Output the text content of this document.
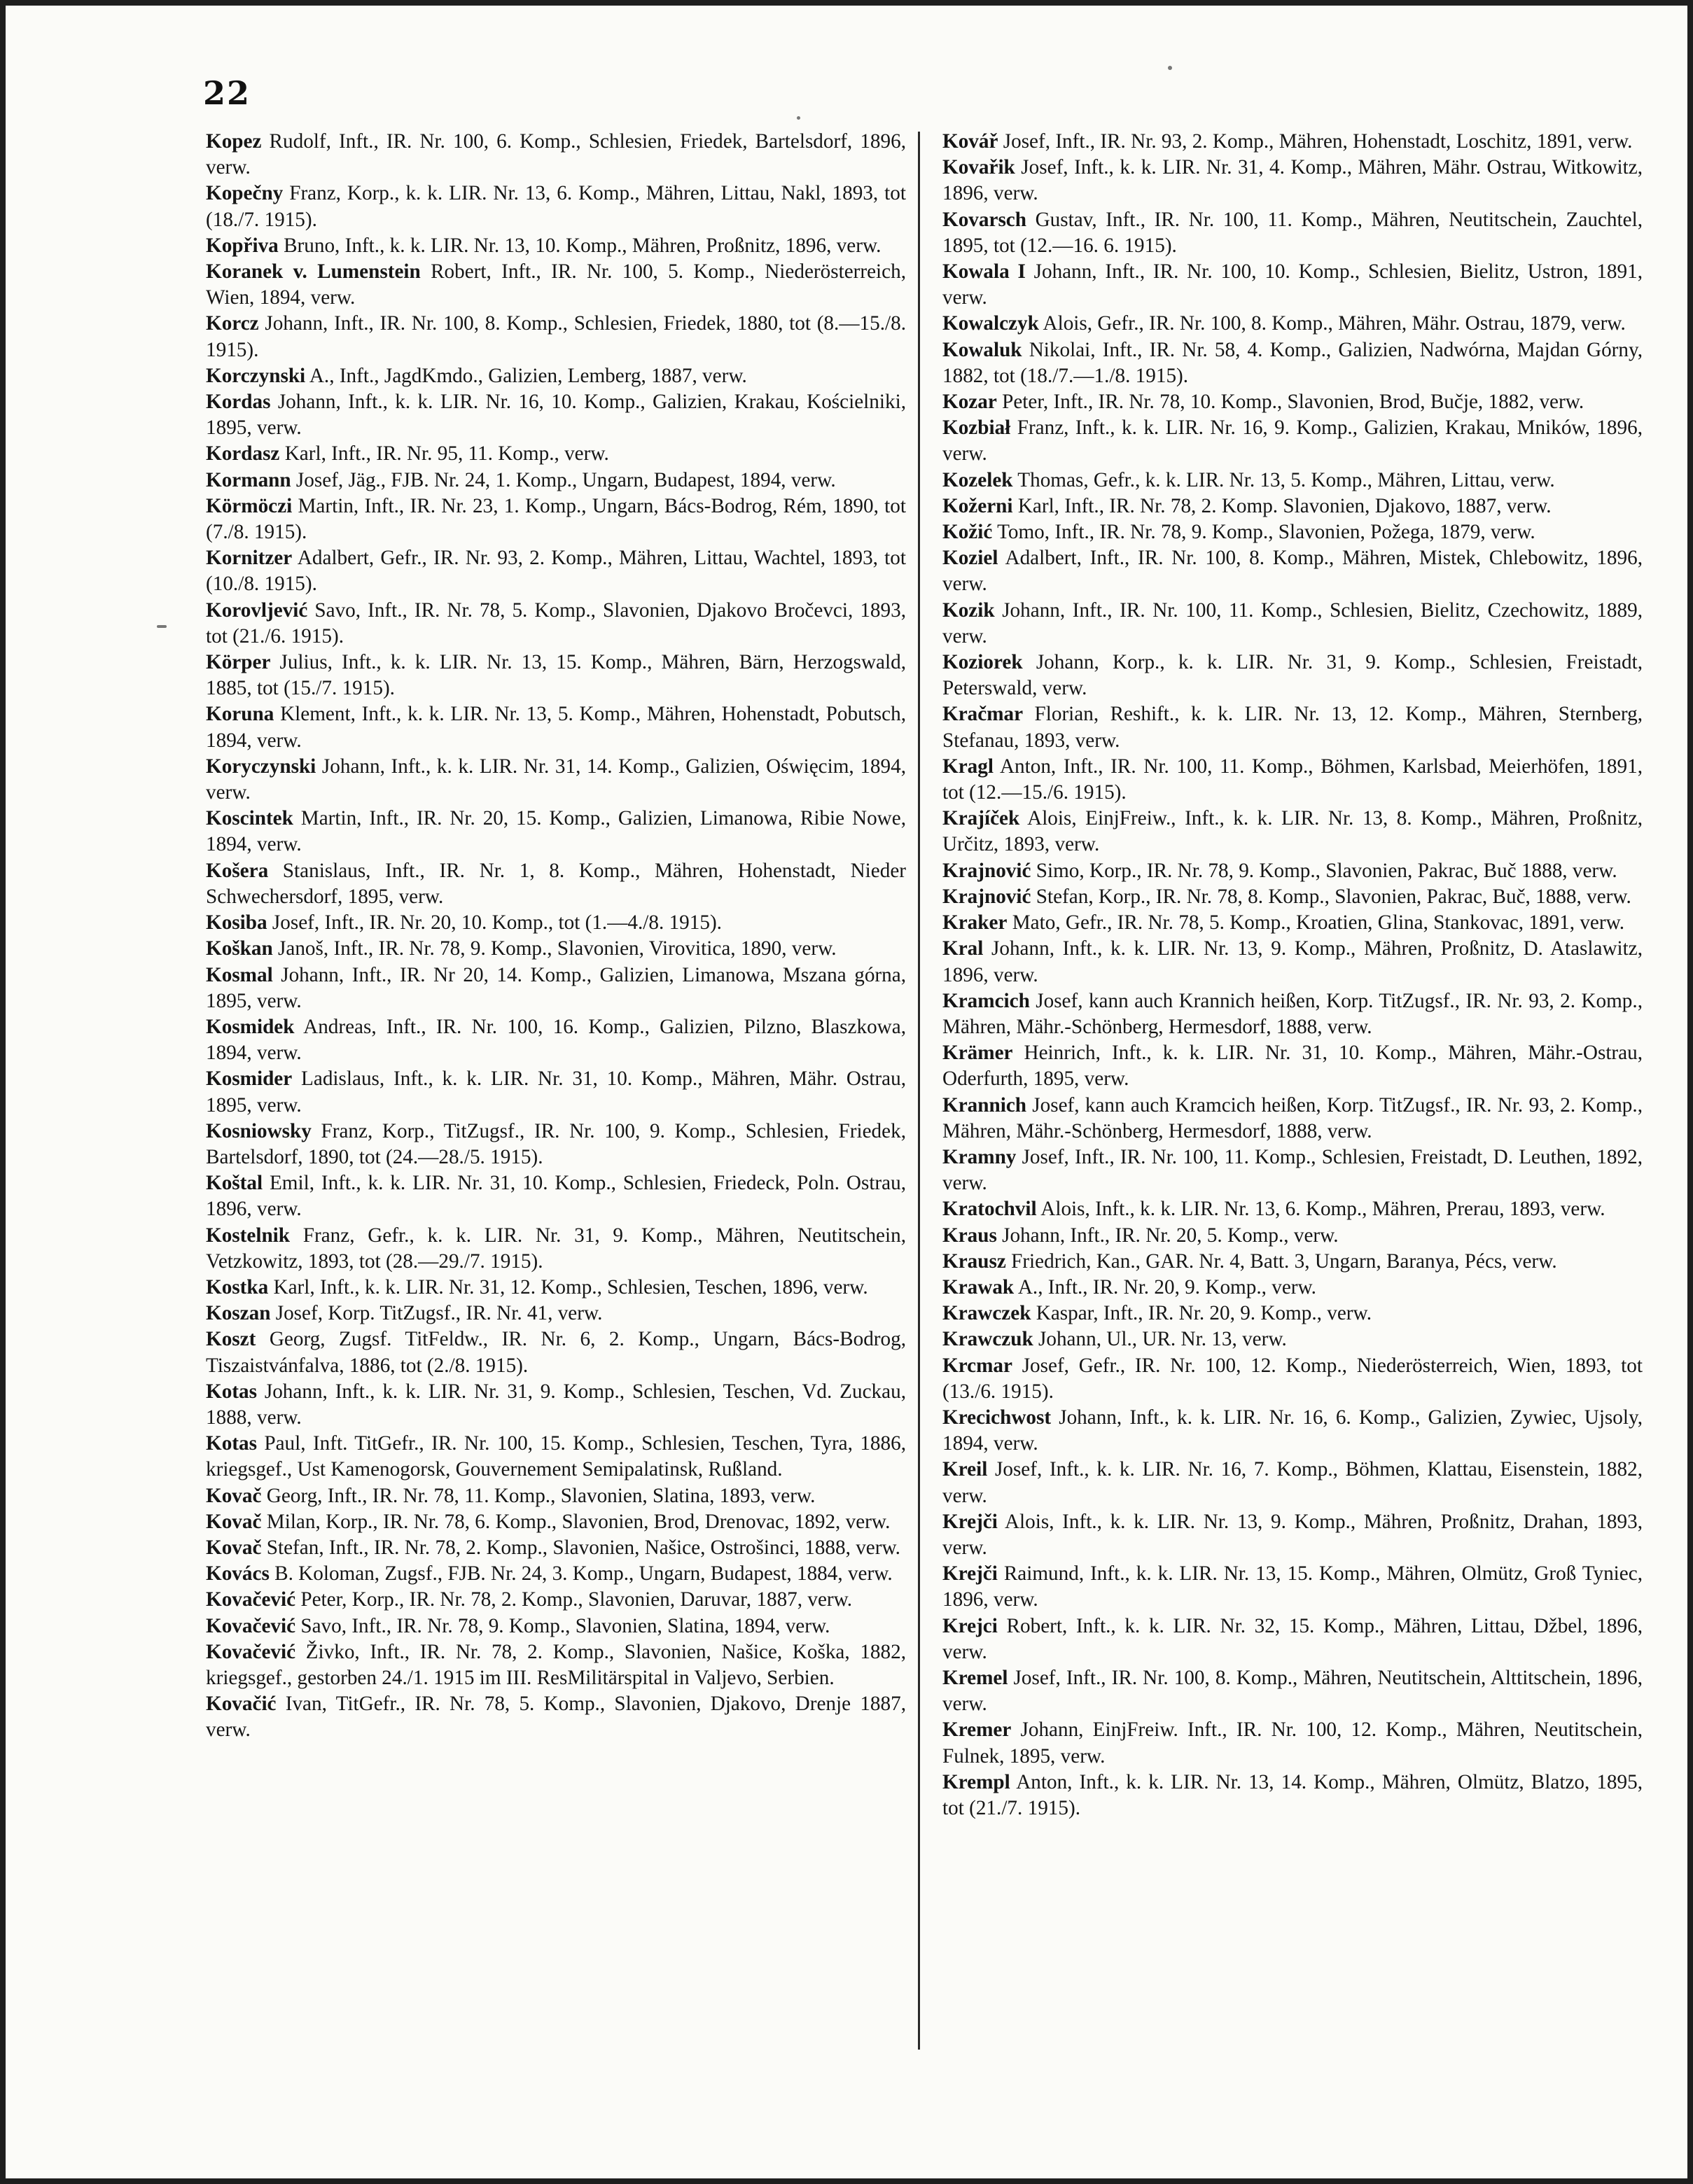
22

Kopez Rudolf, Inft., IR. Nr. 100, 6. Komp., Schlesien, Friedek, Bartelsdorf, 1896, verw.

Kopečny Franz, Korp., k. k. LIR. Nr. 13, 6. Komp., Mähren, Littau, Nakl, 1893, tot (18./7. 1915).

Kopřiva Bruno, Inft., k. k. LIR. Nr. 13, 10. Komp., Mähren, Proßnitz, 1896, verw.

Koranek v. Lumenstein Robert, Inft., IR. Nr. 100, 5. Komp., Niederösterreich, Wien, 1894, verw.

Korcz Johann, Inft., IR. Nr. 100, 8. Komp., Schlesien, Friedek, 1880, tot (8.—15./8. 1915).

Korczynski A., Inft., JagdKmdo., Galizien, Lemberg, 1887, verw.

Kordas Johann, Inft., k. k. LIR. Nr. 16, 10. Komp., Galizien, Krakau, Kościelniki, 1895, verw.

Kordasz Karl, Inft., IR. Nr. 95, 11. Komp., verw.

Kormann Josef, Jäg., FJB. Nr. 24, 1. Komp., Ungarn, Budapest, 1894, verw.

Körmöczi Martin, Inft., IR. Nr. 23, 1. Komp., Ungarn, Bács-Bodrog, Rém, 1890, tot (7./8. 1915).

Kornitzer Adalbert, Gefr., IR. Nr. 93, 2. Komp., Mähren, Littau, Wachtel, 1893, tot (10./8. 1915).

Korovljević Savo, Inft., IR. Nr. 78, 5. Komp., Slavonien, Djakovo Bročevci, 1893, tot (21./6. 1915).

Körper Julius, Inft., k. k. LIR. Nr. 13, 15. Komp., Mähren, Bärn, Herzogswald, 1885, tot (15./7. 1915).

Koruna Klement, Inft., k. k. LIR. Nr. 13, 5. Komp., Mähren, Hohenstadt, Pobutsch, 1894, verw.

Koryczynski Johann, Inft., k. k. LIR. Nr. 31, 14. Komp., Galizien, Oświęcim, 1894, verw.

Koscintek Martin, Inft., IR. Nr. 20, 15. Komp., Galizien, Limanowa, Ribie Nowe, 1894, verw.

Košera Stanislaus, Inft., IR. Nr. 1, 8. Komp., Mähren, Hohenstadt, Nieder Schwechersdorf, 1895, verw.

Kosiba Josef, Inft., IR. Nr. 20, 10. Komp., tot (1.—4./8. 1915).

Koškan Janoš, Inft., IR. Nr. 78, 9. Komp., Slavonien, Virovitica, 1890, verw.

Kosmal Johann, Inft., IR. Nr 20, 14. Komp., Galizien, Limanowa, Mszana górna, 1895, verw.

Kosmidek Andreas, Inft., IR. Nr. 100, 16. Komp., Galizien, Pilzno, Blaszkowa, 1894, verw.

Kosmider Ladislaus, Inft., k. k. LIR. Nr. 31, 10. Komp., Mähren, Mähr. Ostrau, 1895, verw.

Kosniowsky Franz, Korp., TitZugsf., IR. Nr. 100, 9. Komp., Schlesien, Friedek, Bartelsdorf, 1890, tot (24.—28./5. 1915).

Koštal Emil, Inft., k. k. LIR. Nr. 31, 10. Komp., Schlesien, Friedeck, Poln. Ostrau, 1896, verw.

Kostelnik Franz, Gefr., k. k. LIR. Nr. 31, 9. Komp., Mähren, Neutitschein, Vetzkowitz, 1893, tot (28.—29./7. 1915).

Kostka Karl, Inft., k. k. LIR. Nr. 31, 12. Komp., Schlesien, Teschen, 1896, verw.

Koszan Josef, Korp. TitZugsf., IR. Nr. 41, verw.

Koszt Georg, Zugsf. TitFeldw., IR. Nr. 6, 2. Komp., Ungarn, Bács-Bodrog, Tiszaistvánfalva, 1886, tot (2./8. 1915).

Kotas Johann, Inft., k. k. LIR. Nr. 31, 9. Komp., Schlesien, Teschen, Vd. Zuckau, 1888, verw.

Kotas Paul, Inft. TitGefr., IR. Nr. 100, 15. Komp., Schlesien, Teschen, Tyra, 1886, kriegsgef., Ust Kamenogorsk, Gouvernement Semipalatinsk, Rußland.

Kovač Georg, Inft., IR. Nr. 78, 11. Komp., Slavonien, Slatina, 1893, verw.

Kovač Milan, Korp., IR. Nr. 78, 6. Komp., Slavonien, Brod, Drenovac, 1892, verw.

Kovač Stefan, Inft., IR. Nr. 78, 2. Komp., Slavonien, Našice, Ostrošinci, 1888, verw.

Kovács B. Koloman, Zugsf., FJB. Nr. 24, 3. Komp., Ungarn, Budapest, 1884, verw.

Kovačević Peter, Korp., IR. Nr. 78, 2. Komp., Slavonien, Daruvar, 1887, verw.

Kovačević Savo, Inft., IR. Nr. 78, 9. Komp., Slavonien, Slatina, 1894, verw.

Kovačević Živko, Inft., IR. Nr. 78, 2. Komp., Slavonien, Našice, Koška, 1882, kriegsgef., gestorben 24./1. 1915 im III. ResMilitärspital in Valjevo, Serbien.

Kovačić Ivan, TitGefr., IR. Nr. 78, 5. Komp., Slavonien, Djakovo, Drenje 1887, verw.

Kovář Josef, Inft., IR. Nr. 93, 2. Komp., Mähren, Hohenstadt, Loschitz, 1891, verw.

Kovařik Josef, Inft., k. k. LIR. Nr. 31, 4. Komp., Mähren, Mähr. Ostrau, Witkowitz, 1896, verw.

Kovarsch Gustav, Inft., IR. Nr. 100, 11. Komp., Mähren, Neutitschein, Zauchtel, 1895, tot (12.—16. 6. 1915).

Kowala I Johann, Inft., IR. Nr. 100, 10. Komp., Schlesien, Bielitz, Ustron, 1891, verw.

Kowalczyk Alois, Gefr., IR. Nr. 100, 8. Komp., Mähren, Mähr. Ostrau, 1879, verw.

Kowaluk Nikolai, Inft., IR. Nr. 58, 4. Komp., Galizien, Nadwórna, Majdan Górny, 1882, tot (18./7.—1./8. 1915).

Kozar Peter, Inft., IR. Nr. 78, 10. Komp., Slavonien, Brod, Bučje, 1882, verw.

Kozbiał Franz, Inft., k. k. LIR. Nr. 16, 9. Komp., Galizien, Krakau, Mników, 1896, verw.

Kozelek Thomas, Gefr., k. k. LIR. Nr. 13, 5. Komp., Mähren, Littau, verw.

Kožerni Karl, Inft., IR. Nr. 78, 2. Komp. Slavonien, Djakovo, 1887, verw.

Kožić Tomo, Inft., IR. Nr. 78, 9. Komp., Slavonien, Požega, 1879, verw.

Koziel Adalbert, Inft., IR. Nr. 100, 8. Komp., Mähren, Mistek, Chlebowitz, 1896, verw.

Kozik Johann, Inft., IR. Nr. 100, 11. Komp., Schlesien, Bielitz, Czechowitz, 1889, verw.

Koziorek Johann, Korp., k. k. LIR. Nr. 31, 9. Komp., Schlesien, Freistadt, Peterswald, verw.

Kračmar Florian, Reshift., k. k. LIR. Nr. 13, 12. Komp., Mähren, Sternberg, Stefanau, 1893, verw.

Kragl Anton, Inft., IR. Nr. 100, 11. Komp., Böhmen, Karlsbad, Meierhöfen, 1891, tot (12.—15./6. 1915).

Krajíček Alois, EinjFreiw., Inft., k. k. LIR. Nr. 13, 8. Komp., Mähren, Proßnitz, Určitz, 1893, verw.

Krajnović Simo, Korp., IR. Nr. 78, 9. Komp., Slavonien, Pakrac, Buč 1888, verw.

Krajnović Stefan, Korp., IR. Nr. 78, 8. Komp., Slavonien, Pakrac, Buč, 1888, verw.

Kraker Mato, Gefr., IR. Nr. 78, 5. Komp., Kroatien, Glina, Stankovac, 1891, verw.

Kral Johann, Inft., k. k. LIR. Nr. 13, 9. Komp., Mähren, Proßnitz, D. Ataslawitz, 1896, verw.

Kramcich Josef, kann auch Krannich heißen, Korp. TitZugsf., IR. Nr. 93, 2. Komp., Mähren, Mähr.-Schönberg, Hermesdorf, 1888, verw.

Krämer Heinrich, Inft., k. k. LIR. Nr. 31, 10. Komp., Mähren, Mähr.-Ostrau, Oderfurth, 1895, verw.

Krannich Josef, kann auch Kramcich heißen, Korp. TitZugsf., IR. Nr. 93, 2. Komp., Mähren, Mähr.-Schönberg, Hermesdorf, 1888, verw.

Kramny Josef, Inft., IR. Nr. 100, 11. Komp., Schlesien, Freistadt, D. Leuthen, 1892, verw.

Kratochvil Alois, Inft., k. k. LIR. Nr. 13, 6. Komp., Mähren, Prerau, 1893, verw.

Kraus Johann, Inft., IR. Nr. 20, 5. Komp., verw.

Krausz Friedrich, Kan., GAR. Nr. 4, Batt. 3, Ungarn, Baranya, Pécs, verw.

Krawak A., Inft., IR. Nr. 20, 9. Komp., verw.

Krawczek Kaspar, Inft., IR. Nr. 20, 9. Komp., verw.

Krawczuk Johann, Ul., UR. Nr. 13, verw.

Krcmar Josef, Gefr., IR. Nr. 100, 12. Komp., Niederösterreich, Wien, 1893, tot (13./6. 1915).

Krecichwost Johann, Inft., k. k. LIR. Nr. 16, 6. Komp., Galizien, Zywiec, Ujsoly, 1894, verw.

Kreil Josef, Inft., k. k. LIR. Nr. 16, 7. Komp., Böhmen, Klattau, Eisenstein, 1882, verw.

Krejči Alois, Inft., k. k. LIR. Nr. 13, 9. Komp., Mähren, Proßnitz, Drahan, 1893, verw.

Krejči Raimund, Inft., k. k. LIR. Nr. 13, 15. Komp., Mähren, Olmütz, Groß Tyniec, 1896, verw.

Krejci Robert, Inft., k. k. LIR. Nr. 32, 15. Komp., Mähren, Littau, Džbel, 1896, verw.

Kremel Josef, Inft., IR. Nr. 100, 8. Komp., Mähren, Neutitschein, Alttitschein, 1896, verw.

Kremer Johann, EinjFreiw. Inft., IR. Nr. 100, 12. Komp., Mähren, Neutitschein, Fulnek, 1895, verw.

Krempl Anton, Inft., k. k. LIR. Nr. 13, 14. Komp., Mähren, Olmütz, Blatzo, 1895, tot (21./7. 1915).
